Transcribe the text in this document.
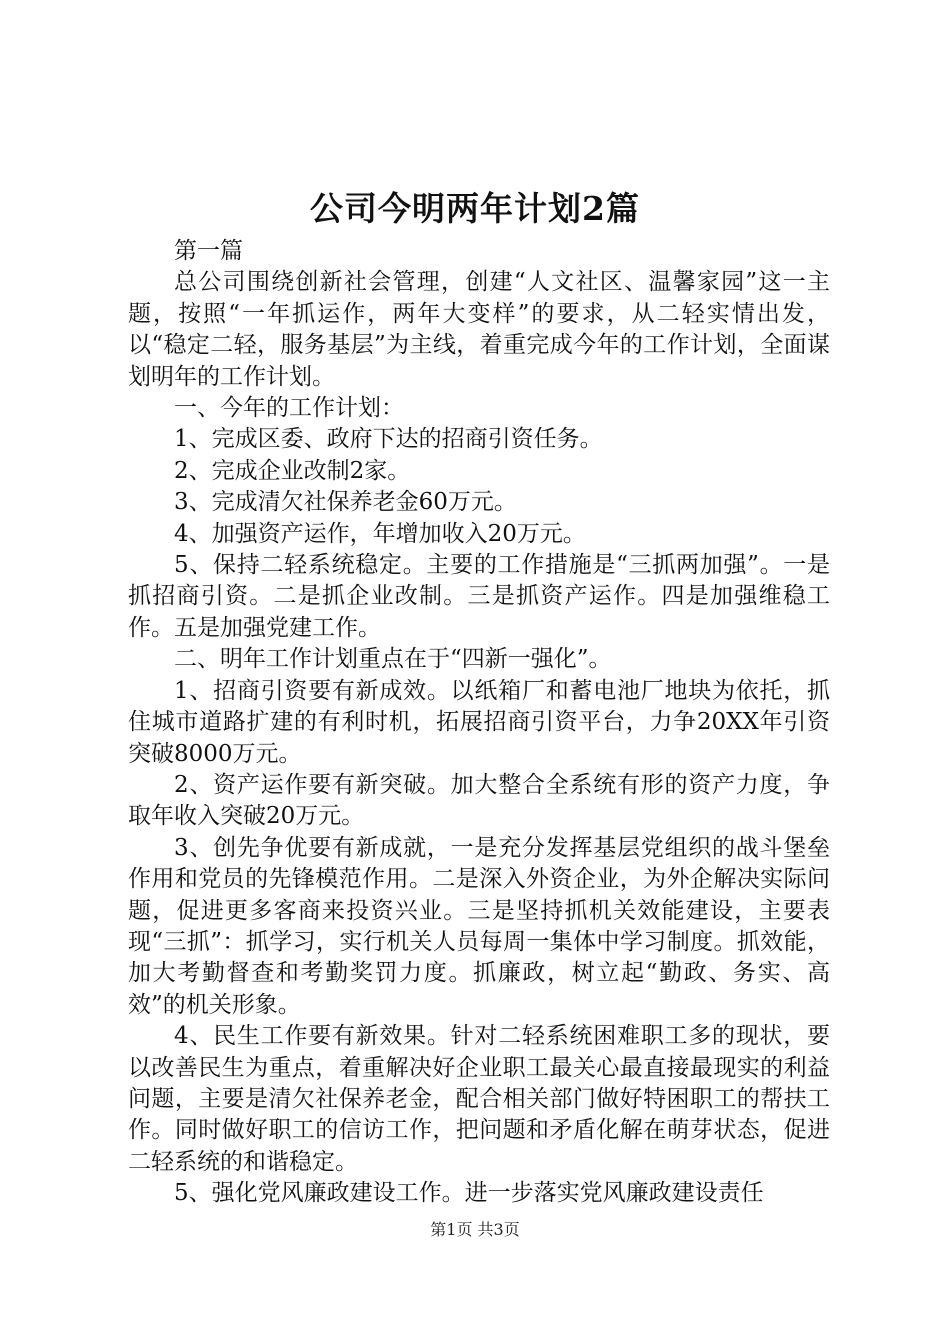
公司今明两年计划2篇

第一篇

总公司围绕创新社会管理，创建“人文社区、温馨家园”这一主题，按照“一年抓运作，两年大变样”的要求，从二轻实情出发，以“稳定二轻，服务基层”为主线，着重完成今年的工作计划，全面谋划明年的工作计划。

一、今年的工作计划：

1、完成区委、政府下达的招商引资任务。

2、完成企业改制2家。

3、完成清欠社保养老金60万元。

4、加强资产运作，年增加收入20万元。

5、保持二轻系统稳定。主要的工作措施是“三抓两加强”。一是抓招商引资。二是抓企业改制。三是抓资产运作。四是加强维稳工作。五是加强党建工作。

二、明年工作计划重点在于“四新一强化”。

1、招商引资要有新成效。以纸箱厂和蓄电池厂地块为依托，抓住城市道路扩建的有利时机，拓展招商引资平台，力争20XX年引资突破8000万元。

2、资产运作要有新突破。加大整合全系统有形的资产力度，争取年收入突破20万元。

3、创先争优要有新成就，一是充分发挥基层党组织的战斗堡垒作用和党员的先锋模范作用。二是深入外资企业，为外企解决实际问题，促进更多客商来投资兴业。三是坚持抓机关效能建设，主要表现“三抓”：抓学习，实行机关人员每周一集体中学习制度。抓效能，加大考勤督查和考勤奖罚力度。抓廉政，树立起“勤政、务实、高效”的机关形象。

4、民生工作要有新效果。针对二轻系统困难职工多的现状，要以改善民生为重点，着重解决好企业职工最关心最直接最现实的利益问题，主要是清欠社保养老金，配合相关部门做好特困职工的帮扶工作。同时做好职工的信访工作，把问题和矛盾化解在萌芽状态，促进二轻系统的和谐稳定。

5、强化党风廉政建设工作。进一步落实党风廉政建设责任

第1页 共3页
